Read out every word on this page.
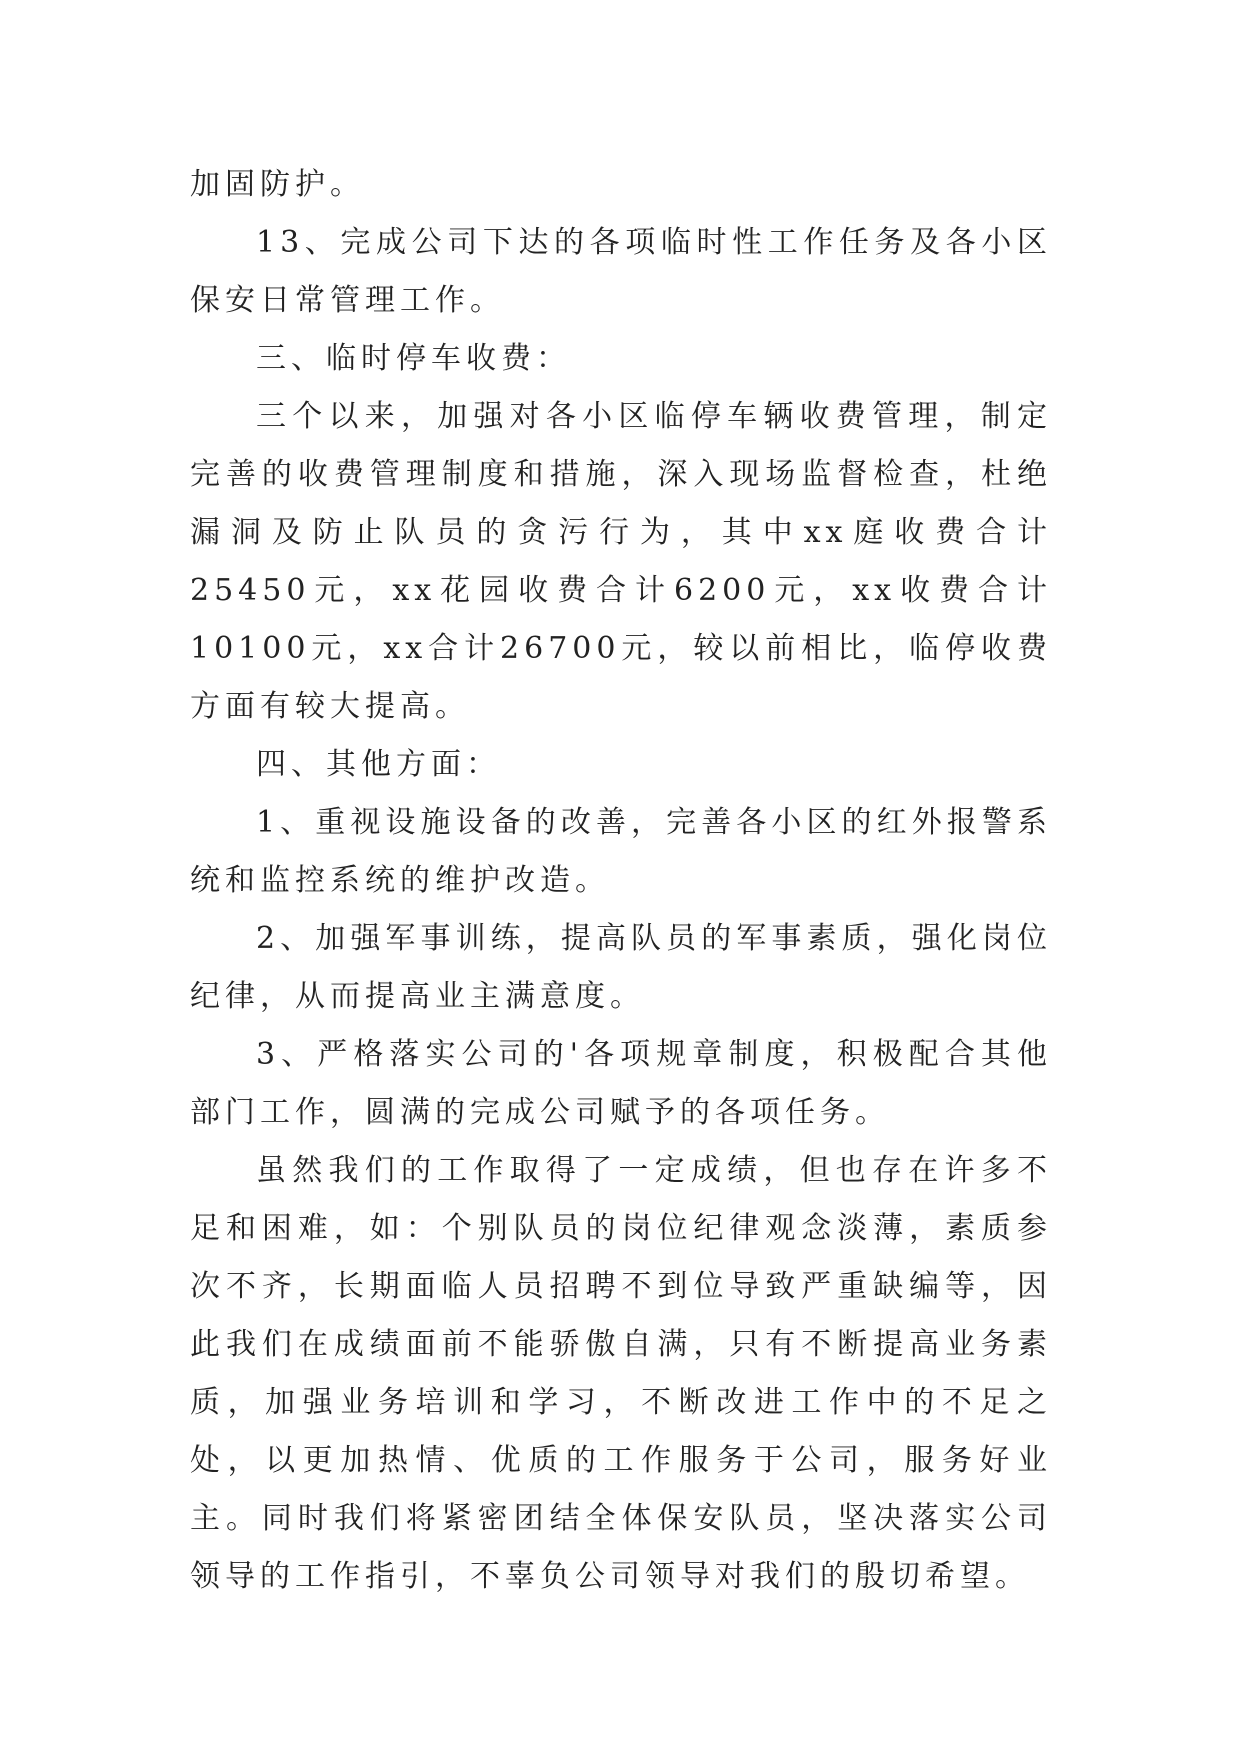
加固防护。

13、完成公司下达的各项临时性工作任务及各小区保安日常管理工作。

三、临时停车收费：

三个以来，加强对各小区临停车辆收费管理，制定完善的收费管理制度和措施，深入现场监督检查，杜绝漏洞及防止队员的贪污行为，其中xx庭收费合计25450元，xx花园收费合计6200元，xx收费合计10100元，xx合计26700元，较以前相比，临停收费方面有较大提高。

四、其他方面：

1、重视设施设备的改善，完善各小区的红外报警系统和监控系统的维护改造。

2、加强军事训练，提高队员的军事素质，强化岗位纪律，从而提高业主满意度。

3、严格落实公司的'各项规章制度，积极配合其他部门工作，圆满的完成公司赋予的各项任务。

虽然我们的工作取得了一定成绩，但也存在许多不足和困难，如：个别队员的岗位纪律观念淡薄，素质参次不齐，长期面临人员招聘不到位导致严重缺编等，因此我们在成绩面前不能骄傲自满，只有不断提高业务素质，加强业务培训和学习，不断改进工作中的不足之处，以更加热情、优质的工作服务于公司，服务好业主。同时我们将紧密团结全体保安队员，坚决落实公司领导的工作指引，不辜负公司领导对我们的殷切希望。
